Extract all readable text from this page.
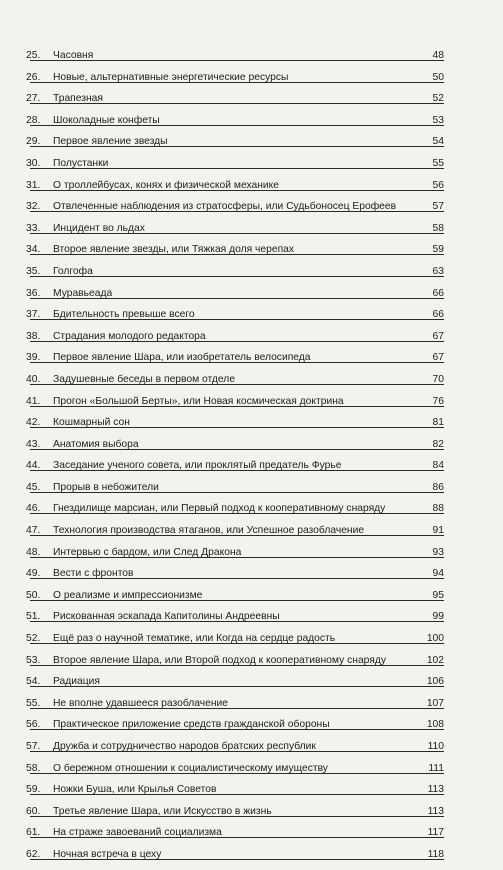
25. Часовня	48
26. Новые, альтернативные энергетические ресурсы	50
27. Трапезная	52
28. Шоколадные конфеты	53
29. Первое явление звезды	54
30. Полустанки	55
31. О троллейбусах, конях и физической механике	56
32. Отвлеченные наблюдения из стратосферы, или Судьбоносец Ерофеев	57
33. Инцидент во льдах	58
34. Второе явление звезды, или Тяжкая доля черепах	59
35. Голгофа	63
36. Муравьеада	66
37. Бдительность превыше всего	66
38. Страдания молодого редактора	67
39. Первое явление Шара, или изобретатель велосипеда	67
40. Задушевные беседы в первом отделе	70
41. Прогон «Большой Берты», или Новая космическая доктрина	76
42. Кошмарный сон	81
43. Анатомия выбора	82
44. Заседание ученого совета, или проклятый предатель Фурье	84
45. Прорыв в небожители	86
46. Гнездилище марсиан, или Первый подход к кооперативному снаряду	88
47. Технология производства ятаганов, или Успешное разоблачение	91
48. Интервью с бардом, или След Дракона	93
49. Вести с фронтов	94
50. О реализме и импрессионизме	95
51. Рискованная эскапада Капитолины Андреевны	99
52. Ещё раз о научной тематике, или Когда на сердце радость	100
53. Второе явление Шара, или Второй подход к кооперативному снаряду	102
54. Радиация	106
55. Не вполне удавшееся разоблачение	107
56. Практическое приложение средств гражданской обороны	108
57. Дружба и сотрудничество народов братских республик	110
58. О бережном отношении к социалистическому имуществу	111
59. Ножки Буша, или Крылья Советов	113
60. Третье явление Шара, или Искусство в жизнь	113
61. На страже завоеваний социализма	117
62. Ночная встреча в цеху	118
